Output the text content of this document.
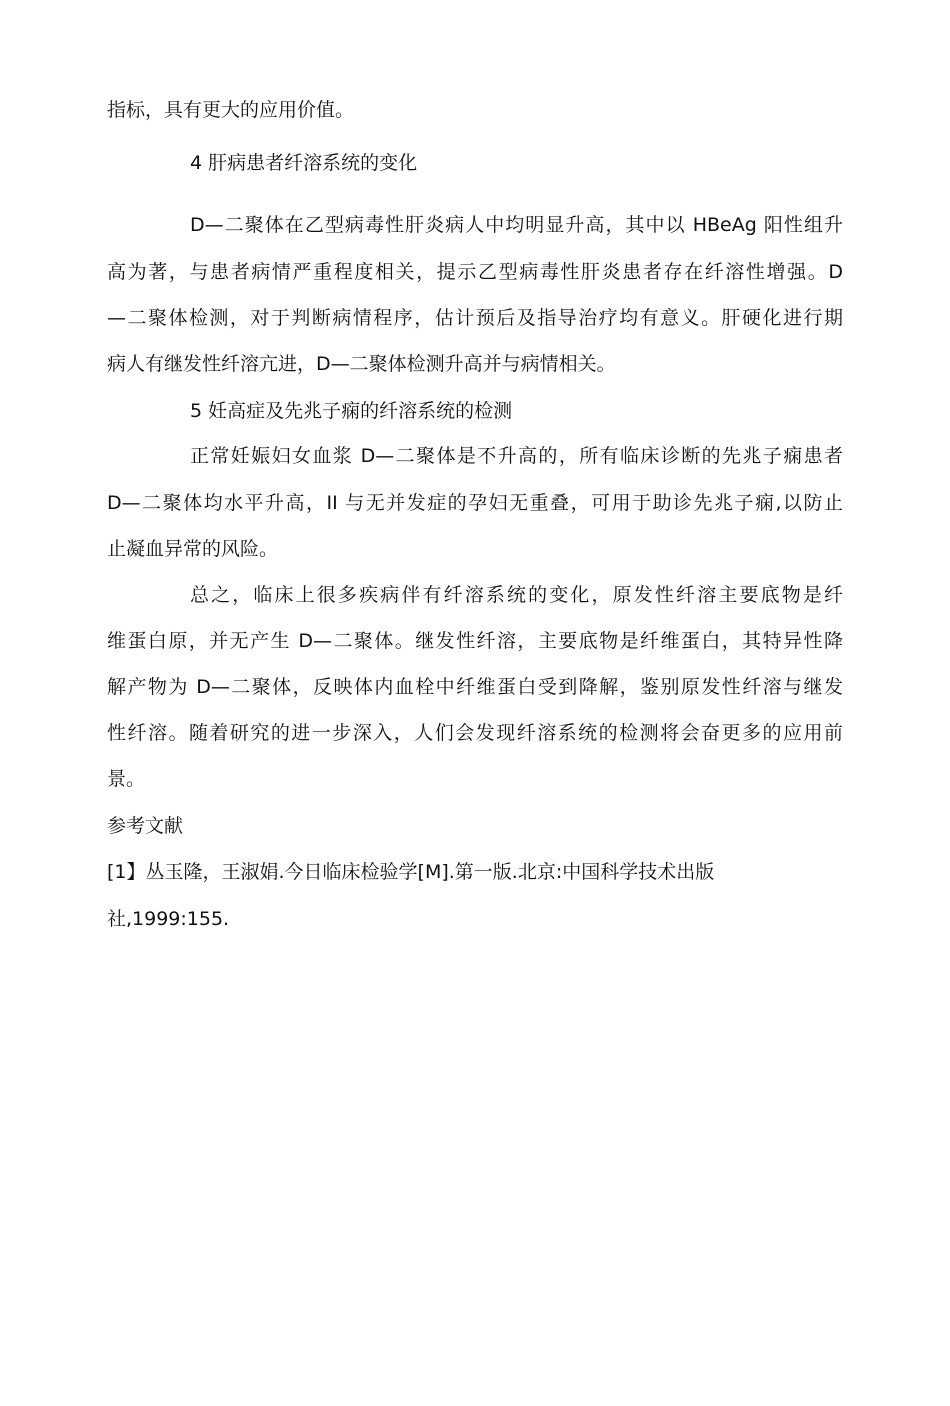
指标，具有更大的应用价值。
4 肝病患者纤溶系统的变化
D—二聚体在乙型病毒性肝炎病人中均明显升高，其中以 HBeAg 阳性组升
高为著，与患者病情严重程度相关，提示乙型病毒性肝炎患者存在纤溶性增强。D
—二聚体检测，对于判断病情程序，估计预后及指导治疗均有意义。肝硬化进行期
病人有继发性纤溶亢进，D—二聚体检测升高并与病情相关。
5 妊高症及先兆子痫的纤溶系统的检测
正常妊娠妇女血浆 D—二聚体是不升高的，所有临床诊断的先兆子痫患者
D—二聚体均水平升高，II 与无并发症的孕妇无重叠，可用于助诊先兆子痫,以防止
止凝血异常的风险。
总之，临床上很多疾病伴有纤溶系统的变化，原发性纤溶主要底物是纤
维蛋白原，并无产生 D—二聚体。继发性纤溶，主要底物是纤维蛋白，其特异性降
解产物为 D—二聚体，反映体内血栓中纤维蛋白受到降解，鉴别原发性纤溶与继发
性纤溶。随着研究的进一步深入，人们会发现纤溶系统的检测将会奋更多的应用前
景。
参考文献
[1】丛玉隆，王淑娟.今日临床检验学[M].第一版.北京:中国科学技术出版
社,1999:155.
